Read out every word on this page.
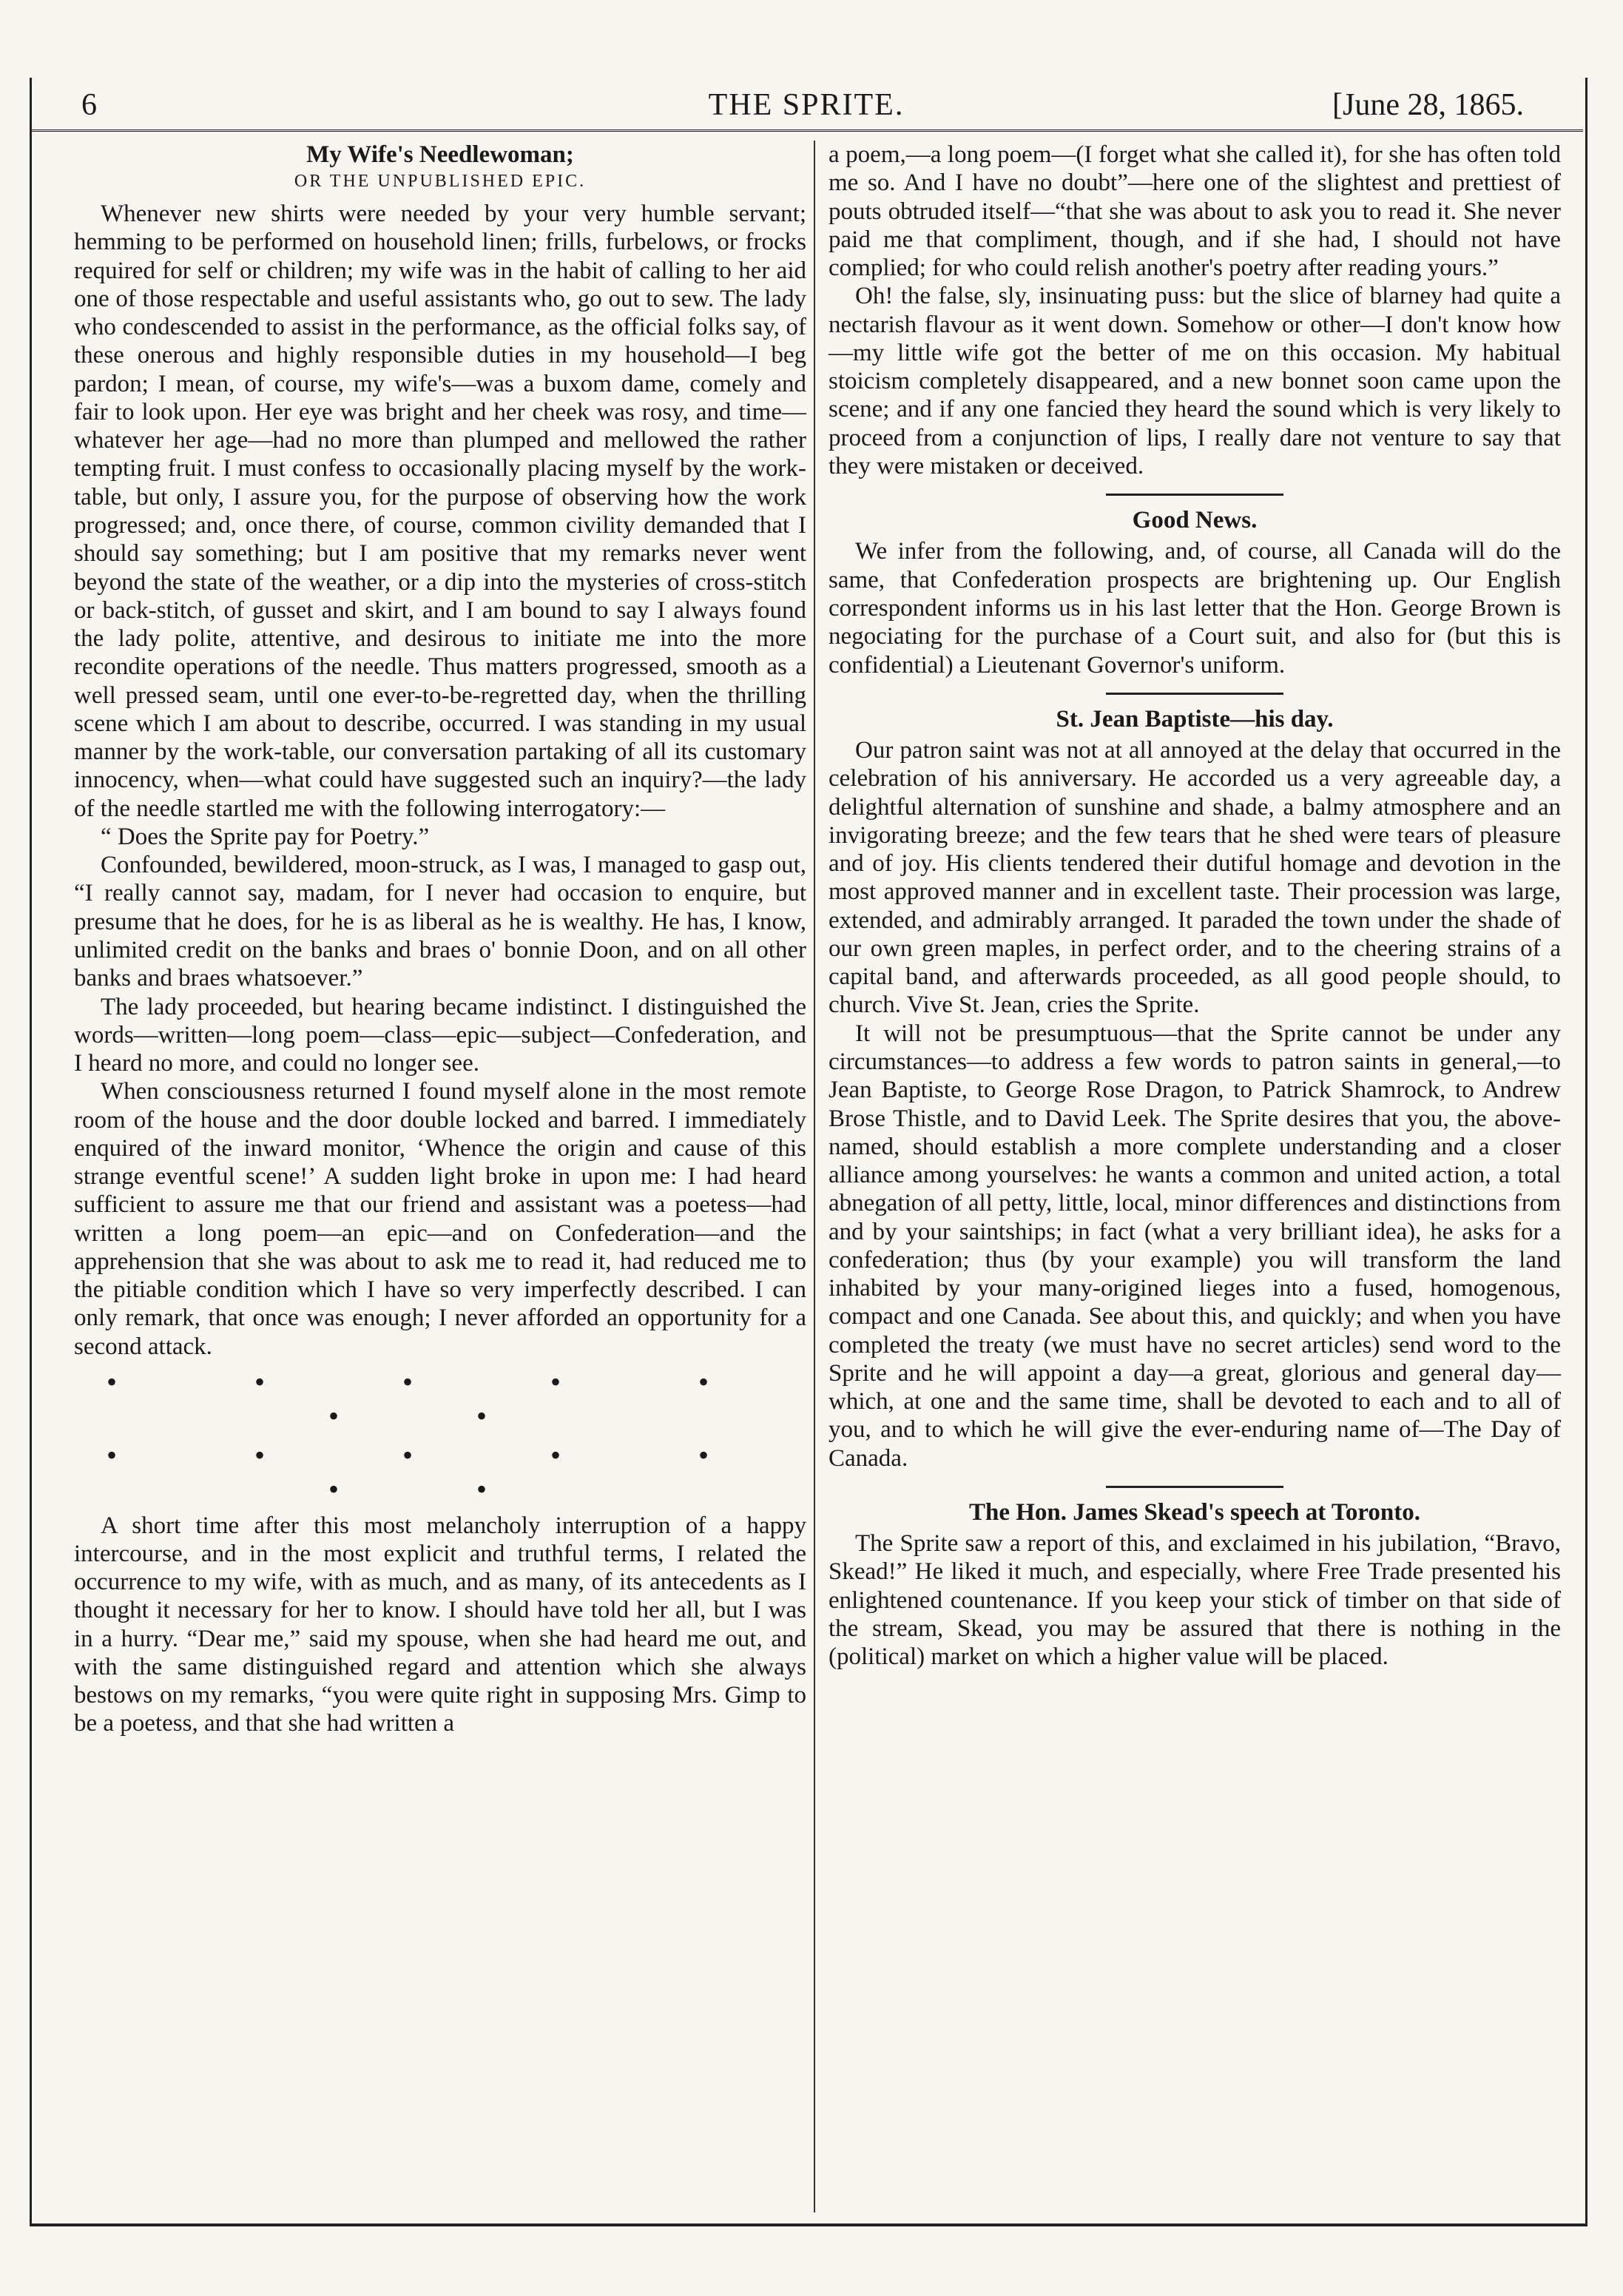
6	THE SPRITE.	[June 28, 1865.
My Wife's Needlewoman;
OR THE UNPUBLISHED EPIC.

Whenever new shirts were needed by your very humble servant; hemming to be performed on household linen; frills, furbelows, or frocks required for self or children; my wife was in the habit of calling to her aid one of those respectable and useful assistants who, go out to sew. The lady who condescended to assist in the performance, as the official folks say, of these onerous and highly responsible duties in my household—I beg pardon; I mean, of course, my wife's—was a buxom dame, comely and fair to look upon. Her eye was bright and her cheek was rosy, and time—whatever her age—had no more than plumped and mellowed the rather tempting fruit. I must confess to occasionally placing myself by the work-table, but only, I assure you, for the purpose of observing how the work progressed; and, once there, of course, common civility demanded that I should say something; but I am positive that my remarks never went beyond the state of the weather, or a dip into the mysteries of cross-stitch or back-stitch, of gusset and skirt, and I am bound to say I always found the lady polite, attentive, and desirous to initiate me into the more recondite operations of the needle. Thus matters progressed, smooth as a well pressed seam, until one ever-to-be-regretted day, when the thrilling scene which I am about to describe, occurred. I was standing in my usual manner by the work-table, our conversation partaking of all its customary innocency, when—what could have suggested such an inquiry?—the lady of the needle startled me with the following interrogatory:—

“ Does the Sprite pay for Poetry.”

Confounded, bewildered, moon-struck, as I was, I managed to gasp out, “I really cannot say, madam, for I never had occasion to enquire, but presume that he does, for he is as liberal as he is wealthy. He has, I know, unlimited credit on the banks and braes o' bonnie Doon, and on all other banks and braes whatsoever.”

The lady proceeded, but hearing became indistinct. I distinguished the words—written—long poem—class—epic—subject—Confederation, and I heard no more, and could no longer see.

When consciousness returned I found myself alone in the most remote room of the house and the door double locked and barred. I immediately enquired of the inward monitor, ‘Whence the origin and cause of this strange eventful scene!’ A sudden light broke in upon me: I had heard sufficient to assure me that our friend and assistant was a poetess—had written a long poem—an epic—and on Confederation—and the apprehension that she was about to ask me to read it, had reduced me to the pitiable condition which I have so very imperfectly described. I can only remark, that once was enough; I never afforded an opportunity for a second attack.

• • • • • • •
• • • • • • •

A short time after this most melancholy interruption of a happy intercourse, and in the most explicit and truthful terms, I related the occurrence to my wife, with as much, and as many, of its antecedents as I thought it necessary for her to know. I should have told her all, but I was in a hurry. “Dear me,” said my spouse, when she had heard me out, and with the same distinguished regard and attention which she always bestows on my remarks, “you were quite right in supposing Mrs. Gimp to be a poetess, and that she had written a

a poem,—a long poem—(I forget what she called it), for she has often told me so. And I have no doubt”—here one of the slightest and prettiest of pouts obtruded itself—“that she was about to ask you to read it. She never paid me that compliment, though, and if she had, I should not have complied; for who could relish another's poetry after reading yours.”

Oh! the false, sly, insinuating puss: but the slice of blarney had quite a nectarish flavour as it went down. Somehow or other—I don't know how—my little wife got the better of me on this occasion. My habitual stoicism completely disappeared, and a new bonnet soon came upon the scene; and if any one fancied they heard the sound which is very likely to proceed from a conjunction of lips, I really dare not venture to say that they were mistaken or deceived.

Good News.

We infer from the following, and, of course, all Canada will do the same, that Confederation prospects are brightening up. Our English correspondent informs us in his last letter that the Hon. George Brown is negociating for the purchase of a Court suit, and also for (but this is confidential) a Lieutenant Governor's uniform.

St. Jean Baptiste—his day.

Our patron saint was not at all annoyed at the delay that occurred in the celebration of his anniversary. He accorded us a very agreeable day, a delightful alternation of sunshine and shade, a balmy atmosphere and an invigorating breeze; and the few tears that he shed were tears of pleasure and of joy. His clients tendered their dutiful homage and devotion in the most approved manner and in excellent taste. Their procession was large, extended, and admirably arranged. It paraded the town under the shade of our own green maples, in perfect order, and to the cheering strains of a capital band, and afterwards proceeded, as all good people should, to church. Vive St. Jean, cries the Sprite.

It will not be presumptuous—that the Sprite cannot be under any circumstances—to address a few words to patron saints in general,—to Jean Baptiste, to George Rose Dragon, to Patrick Shamrock, to Andrew Brose Thistle, and to David Leek. The Sprite desires that you, the above-named, should establish a more complete understanding and a closer alliance among yourselves: he wants a common and united action, a total abnegation of all petty, little, local, minor differences and distinctions from and by your saintships; in fact (what a very brilliant idea), he asks for a confederation; thus (by your example) you will transform the land inhabited by your many-origined lieges into a fused, homogenous, compact and one Canada. See about this, and quickly; and when you have completed the treaty (we must have no secret articles) send word to the Sprite and he will appoint a day—a great, glorious and general day—which, at one and the same time, shall be devoted to each and to all of you, and to which he will give the ever-enduring name of—The Day of Canada.

The Hon. James Skead's speech at Toronto.

The Sprite saw a report of this, and exclaimed in his jubilation, “Bravo, Skead!” He liked it much, and especially, where Free Trade presented his enlightened countenance. If you keep your stick of timber on that side of the stream, Skead, you may be assured that there is nothing in the (political) market on which a higher value will be placed.
